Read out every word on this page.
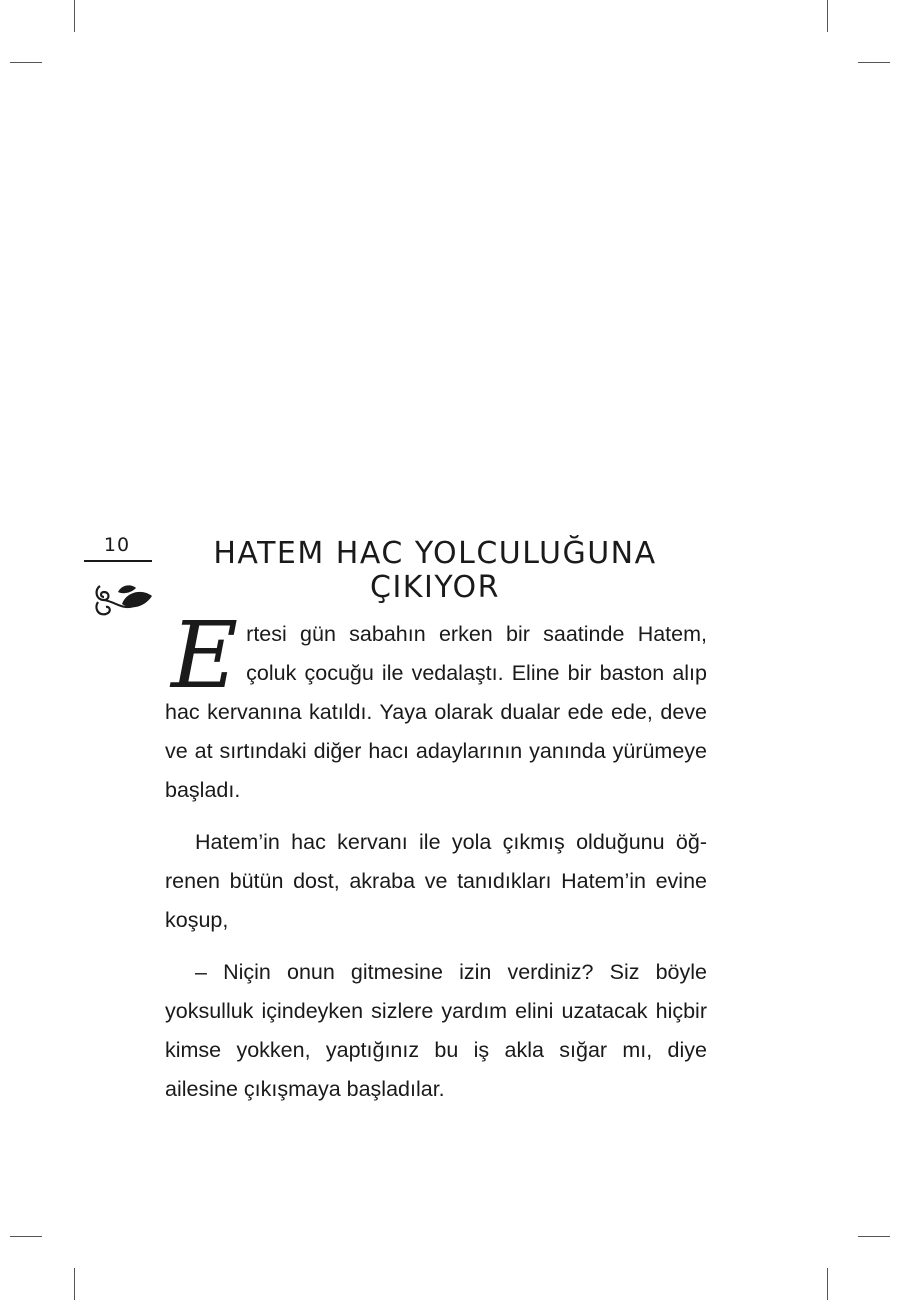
10	HATEM HAC YOLCULUĞUNA
ÇIKIYOR

Ertesi gün sabahın erken bir saatinde Hatem, çoluk çocuğu ile vedalaştı. Eline bir baston alıp hac kervanına katıldı. Yaya olarak dualar ede ede, deve ve at sırtındaki diğer hacı adaylarının yanında yürümeye başladı.

Hatem’in hac kervanı ile yola çıkmış olduğunu öğrenen bütün dost, akraba ve tanıdıkları Hatem’in evine koşup,

– Niçin onun gitmesine izin verdiniz? Siz böyle yoksulluk içindeyken sizlere yardım elini uzatacak hiçbir kimse yokken, yaptığınız bu iş akla sığar mı, diye ailesine çıkışmaya başladılar.
